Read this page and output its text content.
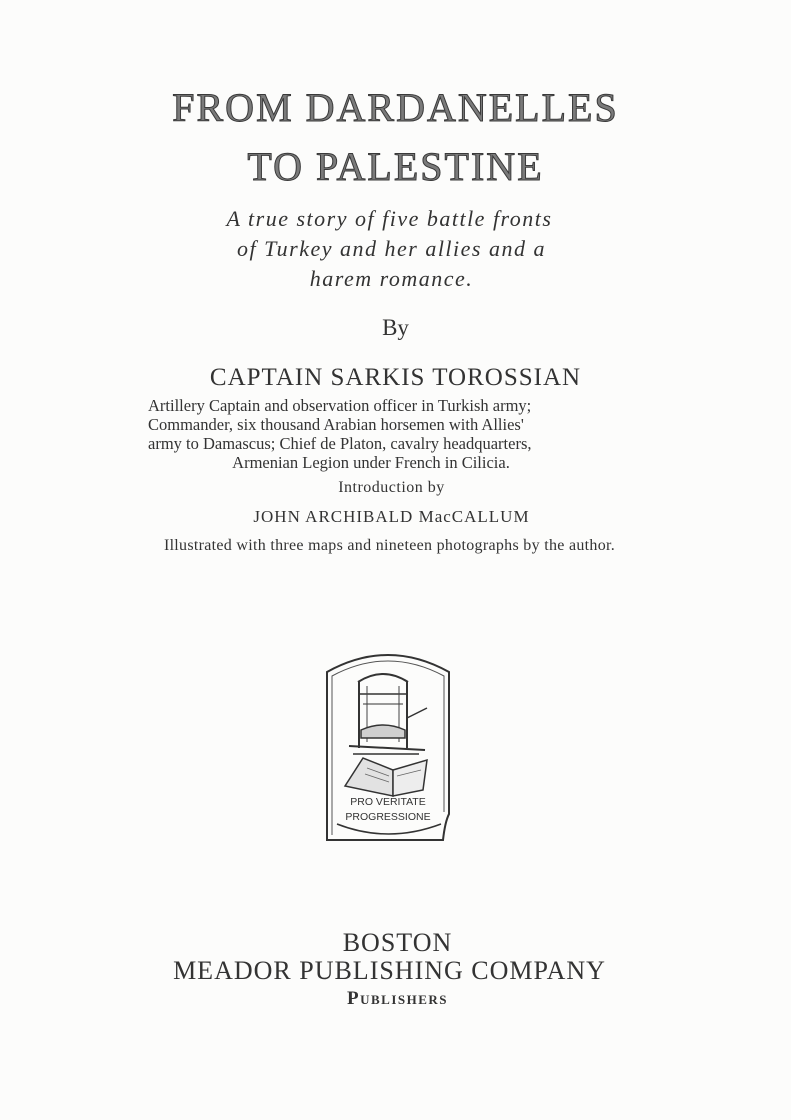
FROM DARDANELLES
TO PALESTINE
A true story of five battle fronts
of Turkey and her allies and a
harem romance.
By
CAPTAIN SARKIS TOROSSIAN
Artillery Captain and observation officer in Turkish army;
Commander, six thousand Arabian horsemen with Allies'
army to Damascus; Chief de Platon, cavalry headquarters,
Armenian Legion under French in Cilicia.
Introduction by
JOHN ARCHIBALD MacCALLUM
Illustrated with three maps and nineteen photographs by the author.
PRO VERITATE
PROGRESSIONE
BOSTON
MEADOR PUBLISHING COMPANY
Publishers
